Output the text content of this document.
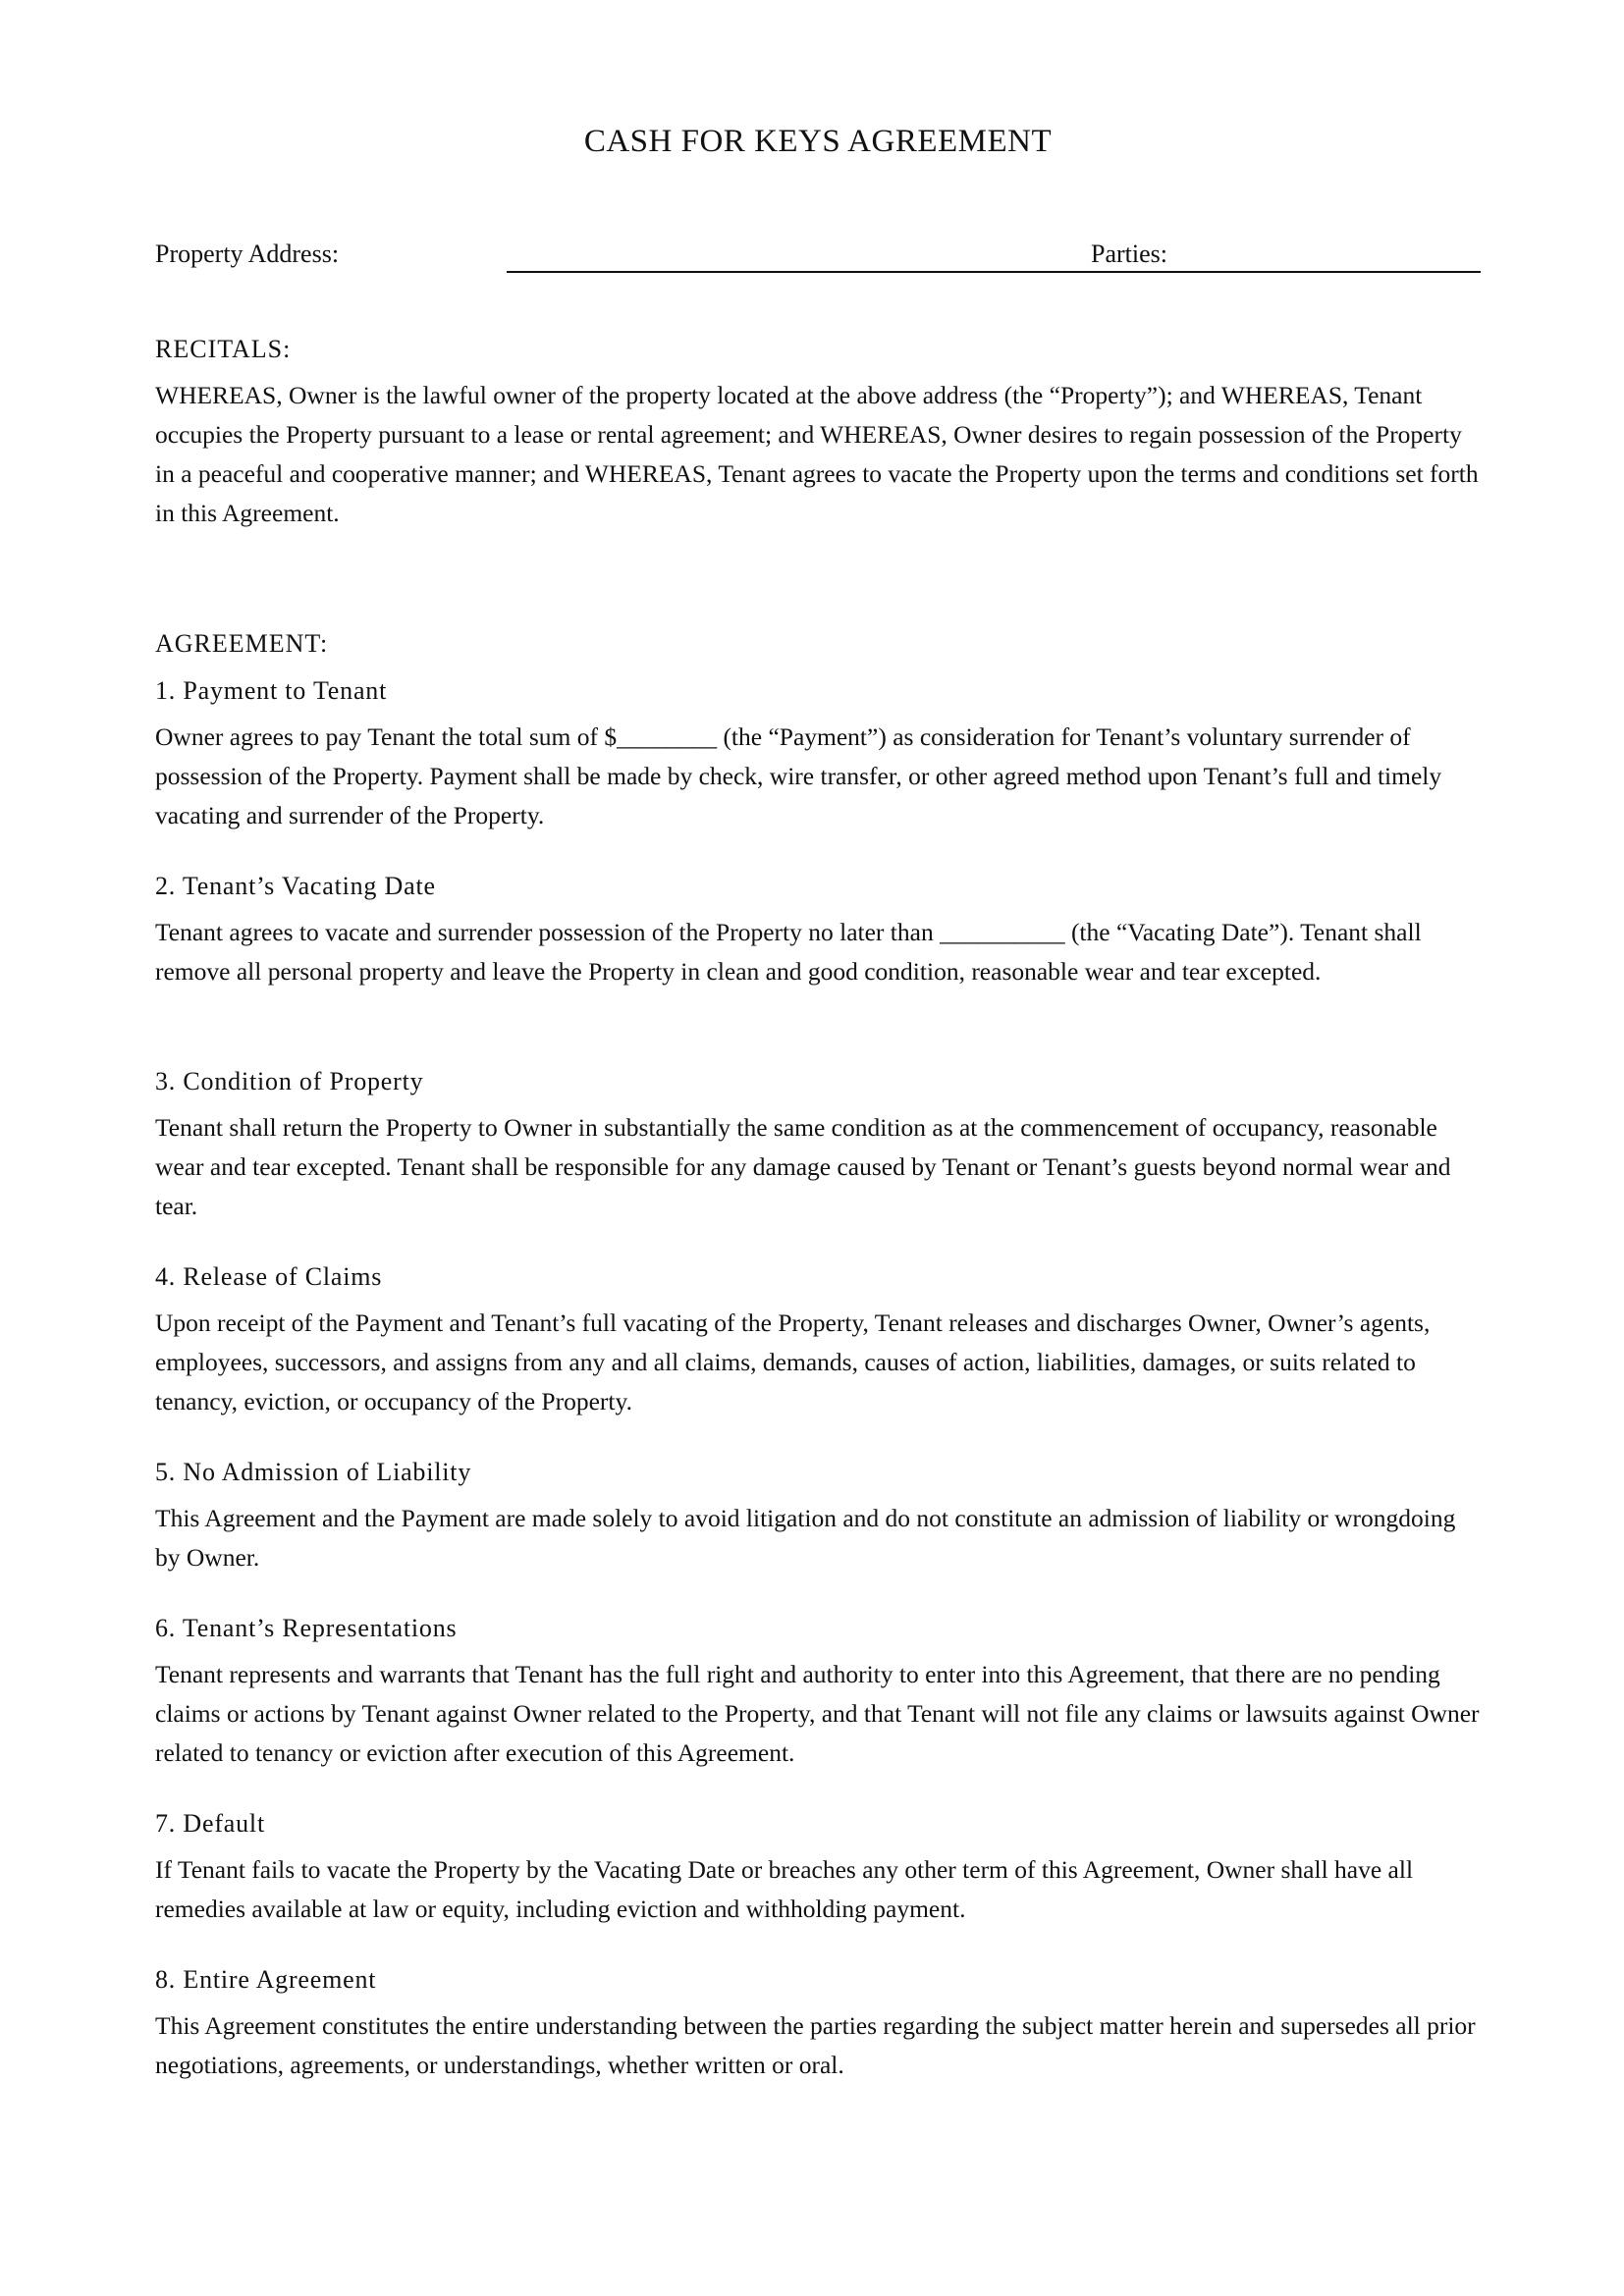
CASH FOR KEYS AGREEMENT
Property Address:	Parties:
RECITALS:

WHEREAS, Owner is the lawful owner of the property located at the above address (the “Property”); and WHEREAS, Tenant occupies the Property pursuant to a lease or rental agreement; and WHEREAS, Owner desires to regain possession of the Property in a peaceful and cooperative manner; and WHEREAS, Tenant agrees to vacate the Property upon the terms and conditions set forth in this Agreement.

AGREEMENT:
1. Payment to Tenant

Owner agrees to pay Tenant the total sum of $________ (the “Payment”) as consideration for Tenant’s voluntary surrender of possession of the Property. Payment shall be made by check, wire transfer, or other agreed method upon Tenant’s full and timely vacating and surrender of the Property.

2. Tenant’s Vacating Date

Tenant agrees to vacate and surrender possession of the Property no later than __________ (the “Vacating Date”). Tenant shall remove all personal property and leave the Property in clean and good condition, reasonable wear and tear excepted.

3. Condition of Property

Tenant shall return the Property to Owner in substantially the same condition as at the commencement of occupancy, reasonable wear and tear excepted. Tenant shall be responsible for any damage caused by Tenant or Tenant’s guests beyond normal wear and tear.

4. Release of Claims

Upon receipt of the Payment and Tenant’s full vacating of the Property, Tenant releases and discharges Owner, Owner’s agents, employees, successors, and assigns from any and all claims, demands, causes of action, liabilities, damages, or suits related to tenancy, eviction, or occupancy of the Property.

5. No Admission of Liability

This Agreement and the Payment are made solely to avoid litigation and do not constitute an admission of liability or wrongdoing by Owner.

6. Tenant’s Representations

Tenant represents and warrants that Tenant has the full right and authority to enter into this Agreement, that there are no pending claims or actions by Tenant against Owner related to the Property, and that Tenant will not file any claims or lawsuits against Owner related to tenancy or eviction after execution of this Agreement.

7. Default

If Tenant fails to vacate the Property by the Vacating Date or breaches any other term of this Agreement, Owner shall have all remedies available at law or equity, including eviction and withholding payment.

8. Entire Agreement

This Agreement constitutes the entire understanding between the parties regarding the subject matter herein and supersedes all prior negotiations, agreements, or understandings, whether written or oral.
